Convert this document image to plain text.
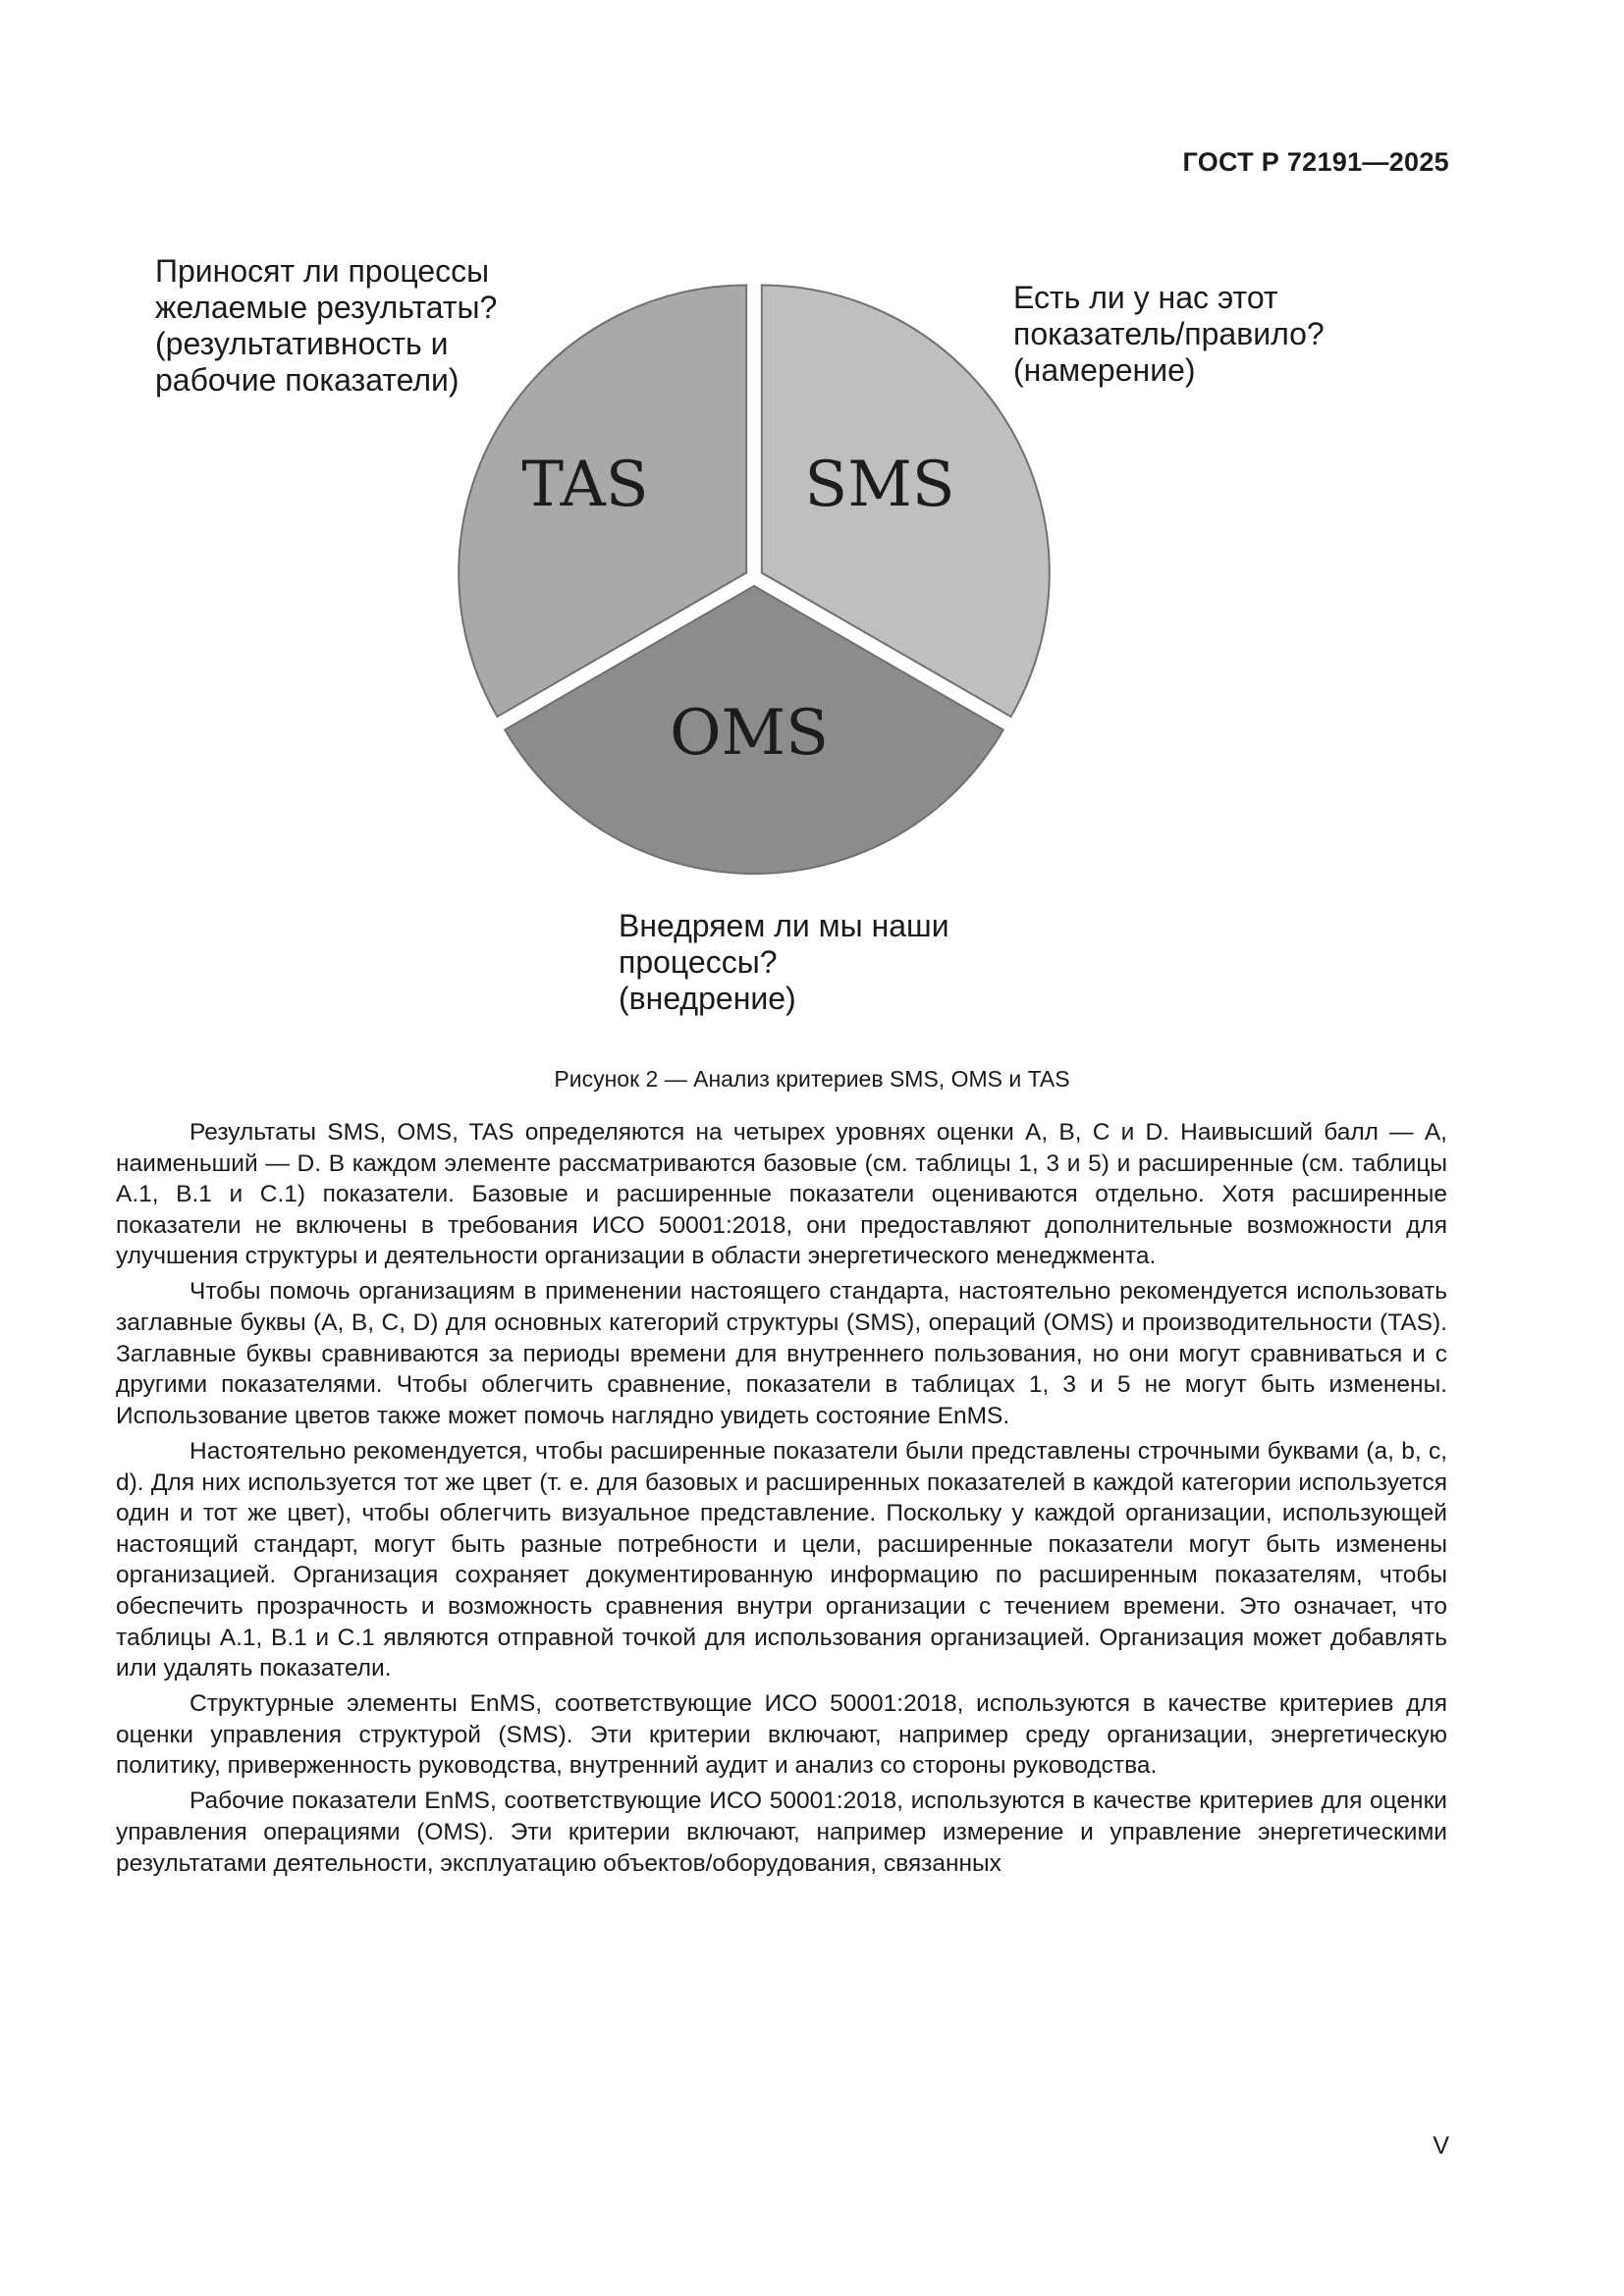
ГОСТ Р 72191—2025
TAS SMS
OMS
Приносят ли процессы
желаемые результаты?
(результативность и
рабочие показатели)
Есть ли у нас этот
показатель/правило?
(намерение)
Внедряем ли мы наши
процессы?
(внедрение)
Рисунок 2 — Анализ критериев SMS, OMS и TAS

Результаты SMS, OMS, TAS определяются на четырех уровнях оценки A, B, C и D. Наивысший балл — A, наименьший — D. В каждом элементе рассматриваются базовые (см. таблицы 1, 3 и 5) и расширенные (см. таблицы A.1, B.1 и C.1) показатели. Базовые и расширенные показатели оцениваются отдельно. Хотя расширенные показатели не включены в требования ИСО 50001:2018, они предоставляют дополнительные возможности для улучшения структуры и деятельности организации в области энергетического менеджмента.

Чтобы помочь организациям в применении настоящего стандарта, настоятельно рекомендуется использовать заглавные буквы (A, B, C, D) для основных категорий структуры (SMS), операций (OMS) и производительности (TAS). Заглавные буквы сравниваются за периоды времени для внутреннего пользования, но они могут сравниваться и с другими показателями. Чтобы облегчить сравнение, показатели в таблицах 1, 3 и 5 не могут быть изменены. Использование цветов также может помочь наглядно увидеть состояние EnMS.

Настоятельно рекомендуется, чтобы расширенные показатели были представлены строчными буквами (a, b, c, d). Для них используется тот же цвет (т. е. для базовых и расширенных показателей в каждой категории используется один и тот же цвет), чтобы облегчить визуальное представление. Поскольку у каждой организации, использующей настоящий стандарт, могут быть разные потребности и цели, расширенные показатели могут быть изменены организацией. Организация сохраняет документированную информацию по расширенным показателям, чтобы обеспечить прозрачность и возможность сравнения внутри организации с течением времени. Это означает, что таблицы A.1, B.1 и C.1 являются отправной точкой для использования организацией. Организация может добавлять или удалять показатели.

Структурные элементы EnMS, соответствующие ИСО 50001:2018, используются в качестве критериев для оценки управления структурой (SMS). Эти критерии включают, например среду организации, энергетическую политику, приверженность руководства, внутренний аудит и анализ со стороны руководства.

Рабочие показатели EnMS, соответствующие ИСО 50001:2018, используются в качестве критериев для оценки управления операциями (OMS). Эти критерии включают, например измерение и управление энергетическими результатами деятельности, эксплуатацию объектов/оборудования, связанных

V
